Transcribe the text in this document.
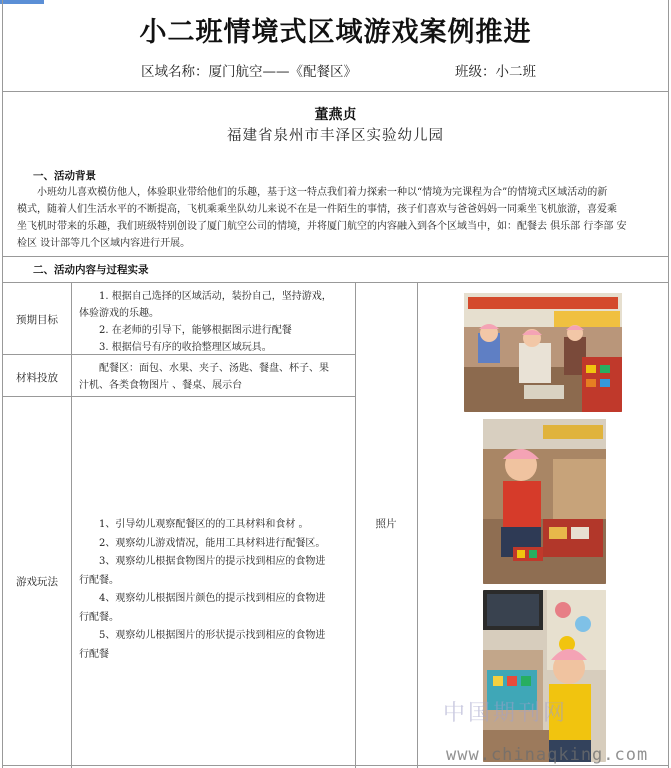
小二班情境式区域游戏案例推进
区域名称：厦门航空——《配餐区》	班级：小二班
董燕贞
福建省泉州市丰泽区实验幼儿园
一、活动背景
小班幼儿喜欢模仿他人，体验职业带给他们的乐趣，基于这一特点我们着力探索一种以“情境为完课程为合”的情境式区域活动的新
模式，随着人们生活水平的不断提高，飞机乘乘坐队幼儿来说不在是一件陌生的事情，孩子们喜欢与爸爸妈妈一同乘坐飞机旅游，喜爱乘
坐飞机时带来的乐趣，我们班级特别创设了厦门航空公司的情境，并将厦门航空的内容融入到各个区域当中，如：配餐去 俱乐部 行李部 安
检区 设计部等几个区域内容进行开展。
二、活动内容与过程实录
预期目标
1. 根据自己选择的区域活动，装扮自己，坚持游戏，
体验游戏的乐趣。
2. 在老师的引导下，能够根据图示进行配餐
3. 根据信号有序的收拾整理区域玩具。
材料投放
配餐区：面包、水果、夹子、汤匙、餐盘、杯子、果
汁机、各类食物图片 、餐桌、展示台
游戏玩法
1、引导幼儿观察配餐区的的工具材料和食材 。
2、观察幼儿游戏情况，能用工具材料进行配餐区。
3、观察幼儿根据食物图片的提示找到相应的食物进
行配餐。
4、观察幼儿根据图片颜色的提示找到相应的食物进
行配餐。
5、观察幼儿根据图片的形状提示找到相应的食物进
行配餐
照片
中国期刊网
www.chinaqking.com
